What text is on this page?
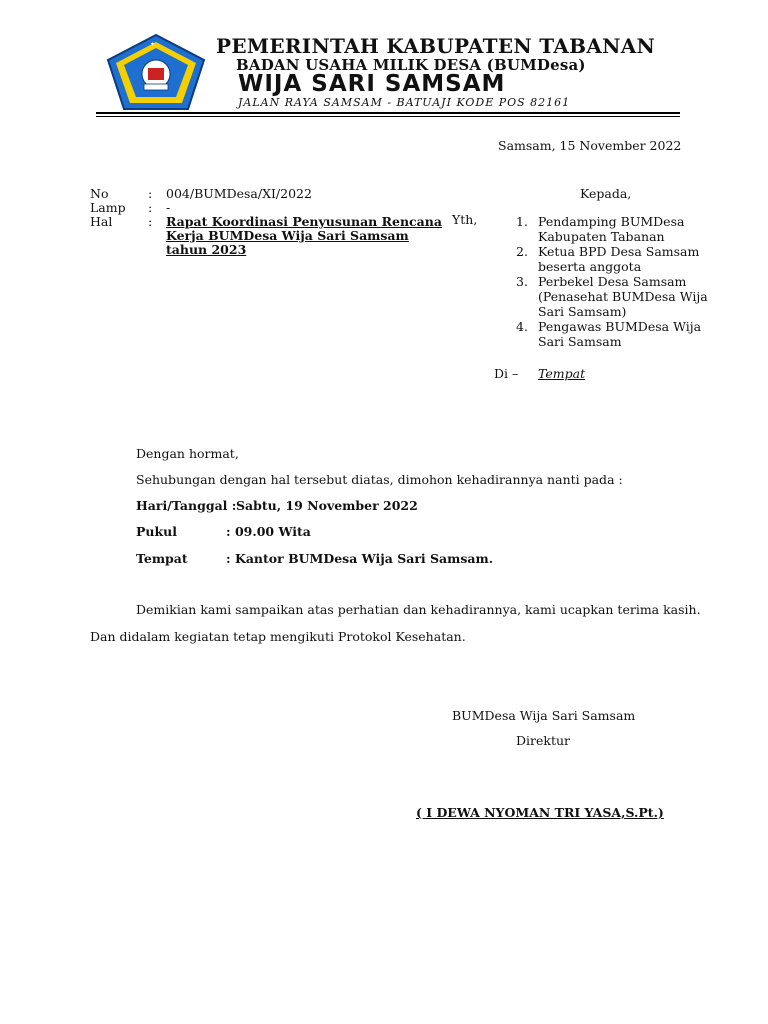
✦	PEMERINTAH KABUPATEN TABANAN
BADAN USAHA MILIK DESA (BUMDesa)
WIJA SARI SAMSAM
JALAN RAYA SAMSAM - BATUAJI KODE POS 82161
Samsam, 15 November 2022
No	: 004/BUMDesa/XI/2022
Lamp : -
Hal	: Rapat Koordinasi Penyusunan Rencana
Kerja BUMDesa Wija Sari Samsam
tahun 2023
Kepada,
Yth,	1. Pendamping BUMDesa
Kabupaten Tabanan
2. Ketua BPD Desa Samsam
beserta anggota
3. Perbekel Desa Samsam
(Penasehat BUMDesa Wija
Sari Samsam)
4. Pengawas BUMDesa Wija
Sari Samsam
Di – Tempat
Dengan hormat,
Sehubungan dengan hal tersebut diatas, dimohon kehadirannya nanti pada :
Hari/Tanggal : Sabtu, 19 November 2022
Pukul	: 09.00 Wita
Tempat	: Kantor BUMDesa Wija Sari Samsam.
Demikian kami sampaikan atas perhatian dan kehadirannya, kami ucapkan terima kasih.
Dan didalam kegiatan tetap mengikuti Protokol Kesehatan.
BUMDesa Wija Sari Samsam
Direktur
( I DEWA NYOMAN TRI YASA,S.Pt.)
